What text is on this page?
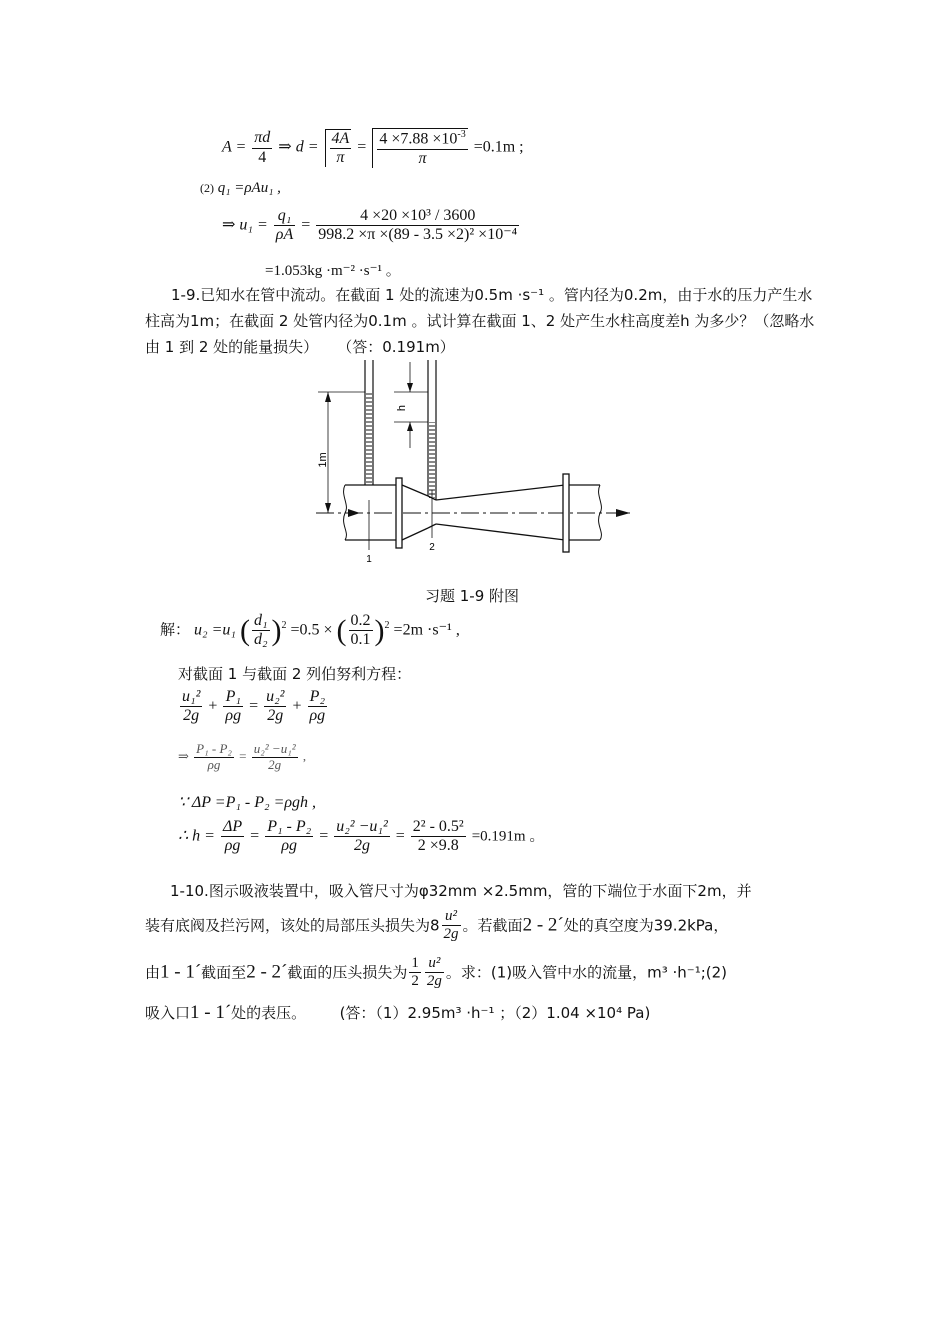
$A = \frac{\pi d}{4}$ ⇒ $d = \frac{4A}{\pi} = \frac{4 \times 7.88 \times 10^{-3}}{\pi} =0.1m$ ;
(2) q₁ =ρAu₁ ,
⇒ $u_1 = \frac{\text{q₁}}{\rho A} = \frac{\text{4 ×20 ×10³ / 3600}}{\text{998.2 ×π ×(89 - 3.5 ×2)² ×10⁻⁴}}$
=1.053kg ·m⁻² ·s⁻¹ 。
1-9.已知水在管中流动。在截面 1 处的流速为0.5m ·s⁻¹ 。管内径为0.2m，由于水的压力产生水柱高为1m；在截面 2 处管内径为0.1m 。试计算在截面 1、2 处产生水柱高度差h 为多少？（忽略水由 1 到 2 处的能量损失） （答：0.191m）
1m
h
1
2
习题 1-9 附图
解： u₂ =u₁ ( $\frac{\text{d₁}}{\text{d₂}} )^2 =0.5$ × ( $\frac{0.2}{0.1} )^2 =2m \cdot s^{-1}$ ,
对截面 1 与截面 2 列伯努利方程：
$\frac{\text{u₁²}}{2g} + \frac{\text{P₁}}{\rho g} = \frac{\text{u₂²}}{2g} + \frac{\text{P₂}}{\rho g}$
⇒ $\frac{\text{P₁ - P₂}}{\rho g} = \frac{\text{u₂² −u₁²}}{2g}$ ,
∵ ΔP =P₁ - P₂ =ρgh ,
∴ $h = \frac{\Delta P}{\rho g} = \frac{\text{P₁ - P₂}}{\rho g} = \frac{\text{u₂² −u₁²}}{2g} = \frac{\text{2² - 0.5²}}{2 \times 9.8} =0.191m$ 。
1-10.图示吸液装置中，吸入管尺寸为φ32mm ×2.5mm，管的下端位于水面下2m，并
装有底阀及拦污网，该处的局部压头损失为$8 \frac{\text{u²}}{2g}$ 。若截面2 - 2´处的真空度为39.2kPa，
由1 - 1´截面至2 - 2´截面的压头损失为 $\frac{1}{2} \frac{\text{u²}}{2g}$ 。求：(1)吸入管中水的流量，m³ ·h⁻¹;(2)
吸入口1 - 1´处的表压。 (答：（1）2.95m³ ·h⁻¹ ；（2）1.04 ×10⁴ Pa)
